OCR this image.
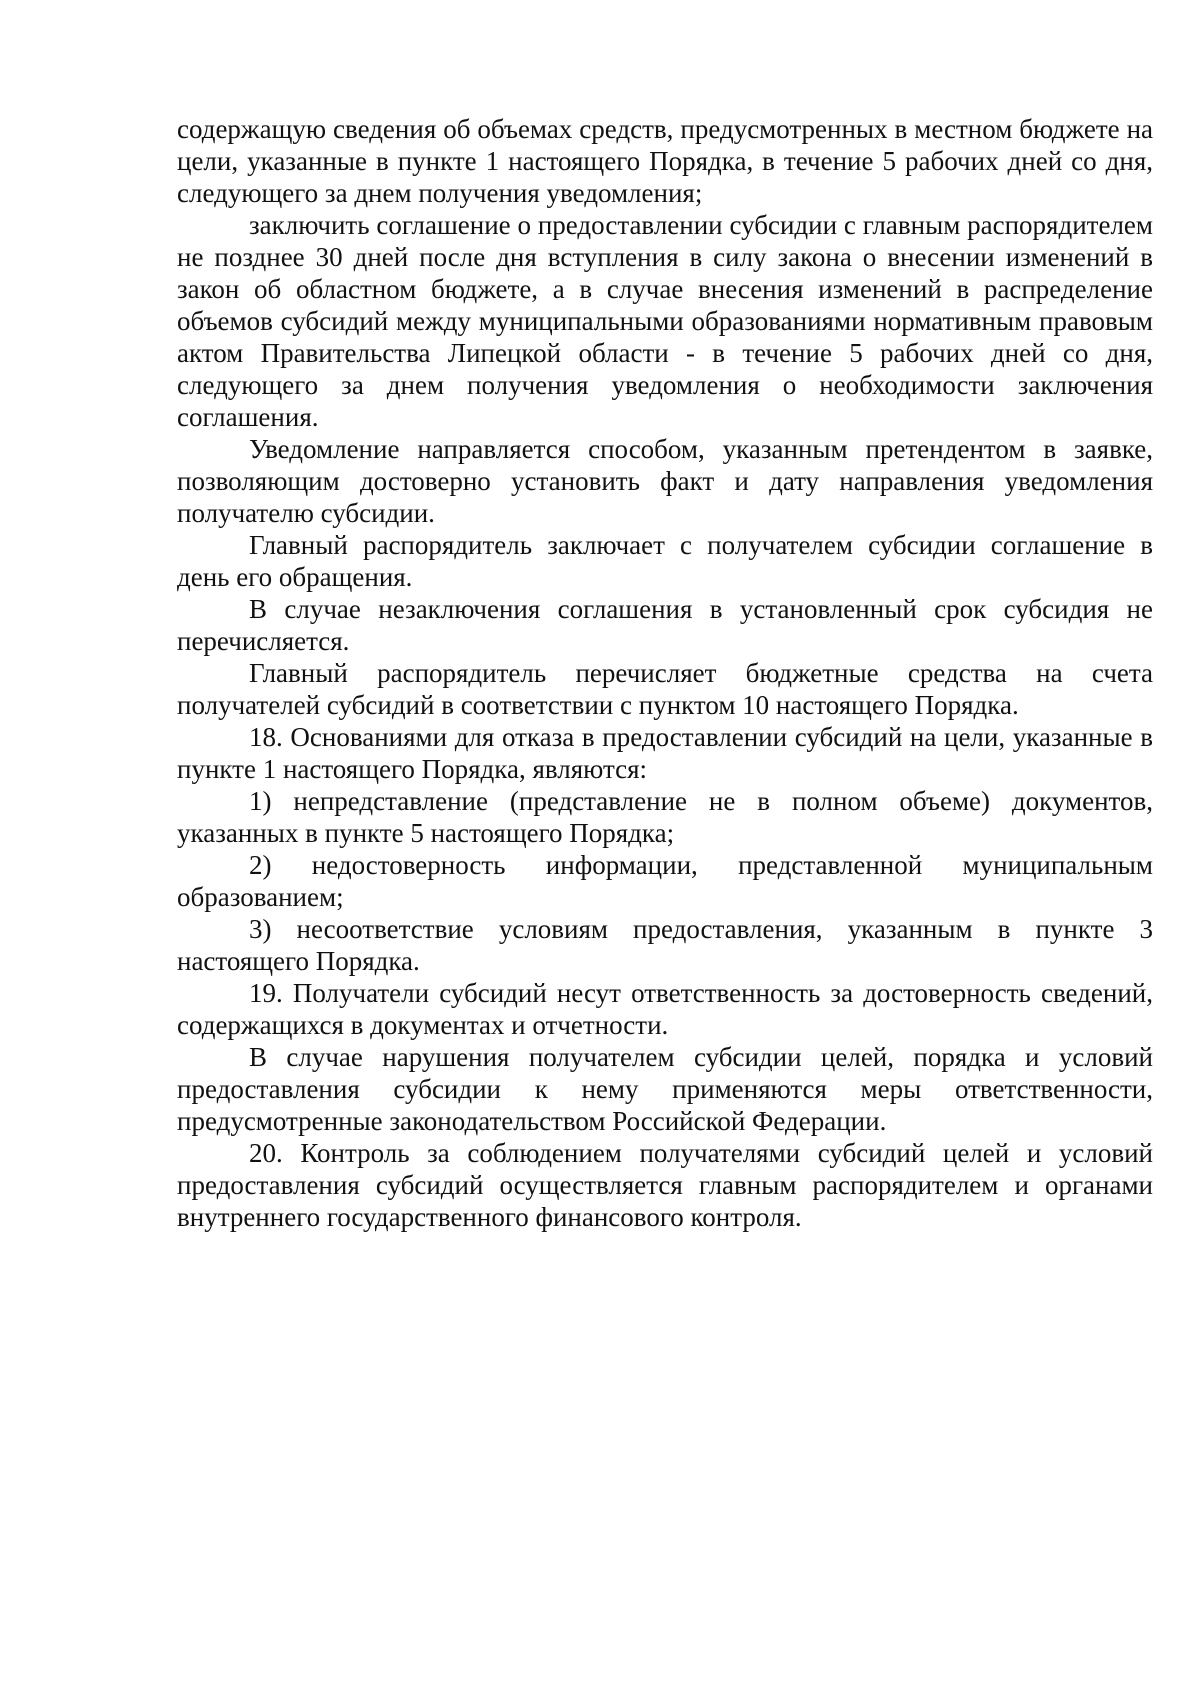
содержащую сведения об объемах средств, предусмотренных в местном бюджете на цели, указанные в пункте 1 настоящего Порядка, в течение 5 рабочих дней со дня, следующего за днем получения уведомления;

заключить соглашение о предоставлении субсидии с главным распорядителем не позднее 30 дней после дня вступления в силу закона о внесении изменений в закон об областном бюджете, а в случае внесения изменений в распределение объемов субсидий между муниципальными образованиями нормативным правовым актом Правительства Липецкой области - в течение 5 рабочих дней со дня, следующего за днем получения уведомления о необходимости заключения соглашения.

Уведомление направляется способом, указанным претендентом в заявке, позволяющим достоверно установить факт и дату направления уведомления получателю субсидии.

Главный распорядитель заключает с получателем субсидии соглашение в день его обращения.

В случае незаключения соглашения в установленный срок субсидия не перечисляется.

Главный распорядитель перечисляет бюджетные средства на счета получателей субсидий в соответствии с пунктом 10 настоящего Порядка.

18. Основаниями для отказа в предоставлении субсидий на цели, указанные в пункте 1 настоящего Порядка, являются:

1) непредставление (представление не в полном объеме) документов, указанных в пункте 5 настоящего Порядка;

2) недостоверность информации, представленной муниципальным образованием;

3) несоответствие условиям предоставления, указанным в пункте 3 настоящего Порядка.

19. Получатели субсидий несут ответственность за достоверность сведений, содержащихся в документах и отчетности.

В случае нарушения получателем субсидии целей, порядка и условий предоставления субсидии к нему применяются меры ответственности, предусмотренные законодательством Российской Федерации.

20. Контроль за соблюдением получателями субсидий целей и условий предоставления субсидий осуществляется главным распорядителем и органами внутреннего государственного финансового контроля.
